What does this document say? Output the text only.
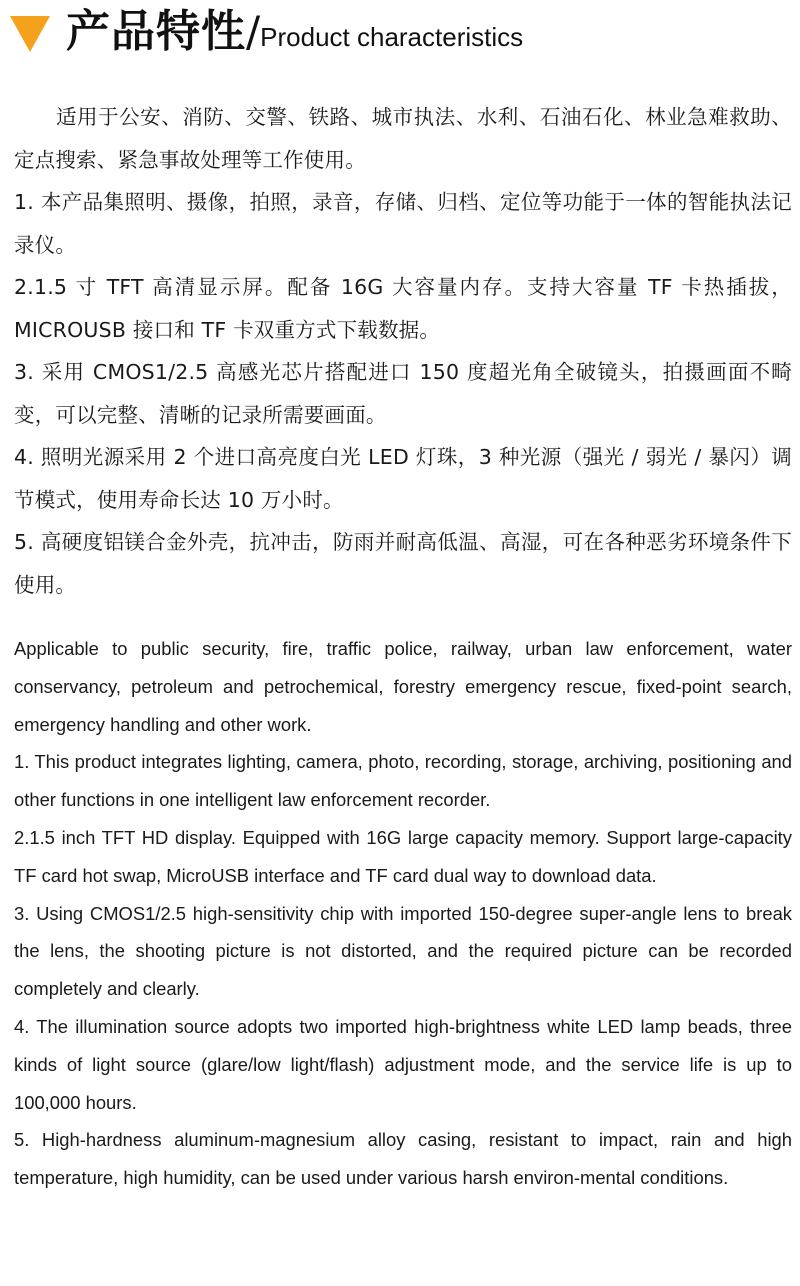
产品特性/Product characteristics

适用于公安、消防、交警、铁路、城市执法、水利、石油石化、林业急难救助、定点搜索、紧急事故处理等工作使用。

1. 本产品集照明、摄像，拍照，录音，存储、归档、定位等功能于一体的智能执法记录仪。

2.1.5 寸 TFT 高清显示屏。配备 16G 大容量内存。支持大容量 TF 卡热插拔，MICROUSB 接口和 TF 卡双重方式下载数据。

3. 采用 CMOS1/2.5 高感光芯片搭配进口 150 度超光角全破镜头，拍摄画面不畸变，可以完整、清晰的记录所需要画面。

4. 照明光源采用 2 个进口高亮度白光 LED 灯珠，3 种光源（强光 / 弱光 / 暴闪）调节模式，使用寿命长达 10 万小时。

5. 高硬度铝镁合金外壳，抗冲击，防雨并耐高低温、高湿，可在各种恶劣环境条件下使用。

Applicable to public security, fire, traffic police, railway, urban law enforcement, water conservancy, petroleum and petrochemical, forestry emergency rescue, fixed-point search, emergency handling and other work.

1. This product integrates lighting, camera, photo, recording, storage, archiving, positioning and other functions in one intelligent law enforcement recorder.

2.1.5 inch TFT HD display. Equipped with 16G large capacity memory. Support large-capacity TF card hot swap, MicroUSB interface and TF card dual way to download data.

3. Using CMOS1/2.5 high-sensitivity chip with imported 150-degree super-angle lens to break the lens, the shooting picture is not distorted, and the required picture can be recorded completely and clearly.

4. The illumination source adopts two imported high-brightness white LED lamp beads, three kinds of light source (glare/low light/flash) adjustment mode, and the service life is up to 100,000 hours.

5. High-hardness aluminum-magnesium alloy casing, resistant to impact, rain and high temperature, high humidity, can be used under various harsh environ-mental conditions.
